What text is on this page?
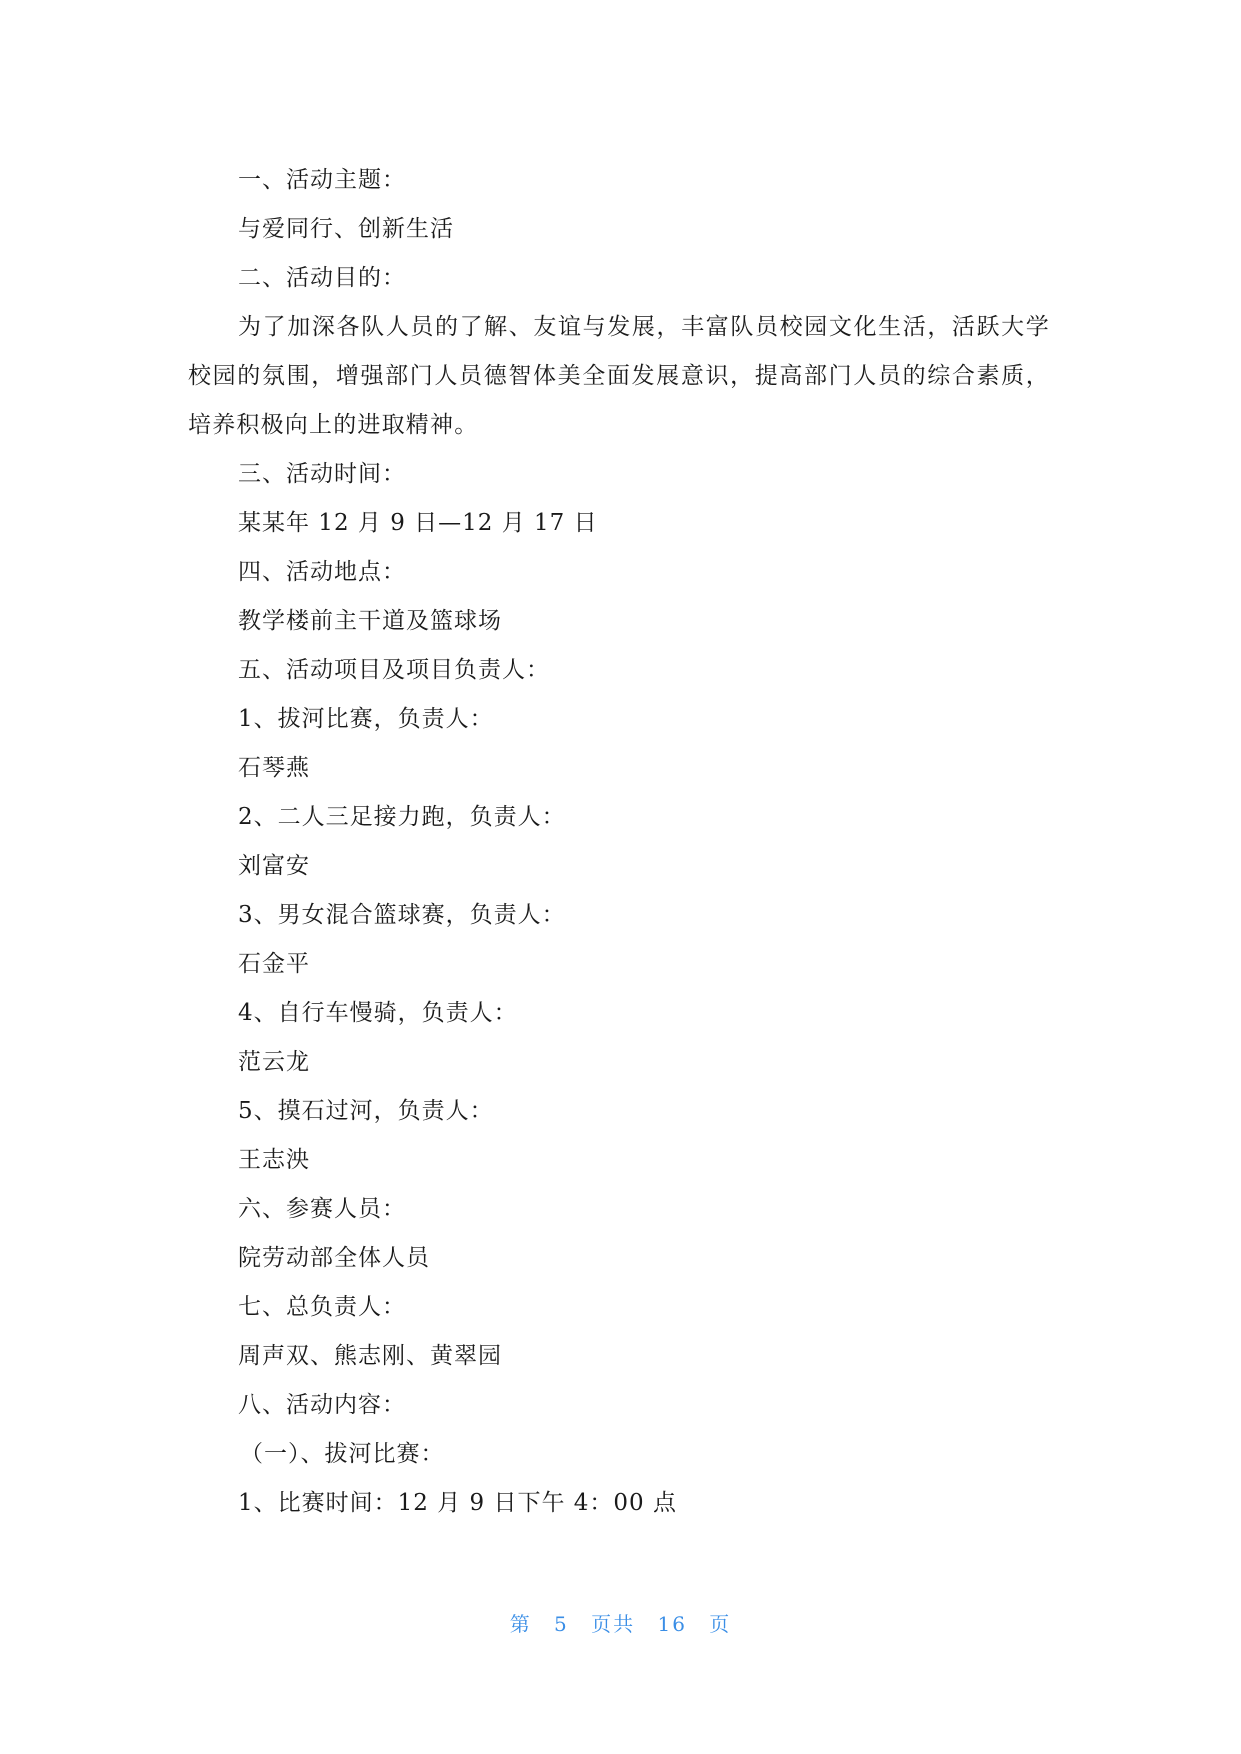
一、活动主题：
与爱同行、创新生活
二、活动目的：

为了加深各队人员的了解、友谊与发展，丰富队员校园文化生活，活跃大学校园的氛围，增强部门人员德智体美全面发展意识，提高部门人员的综合素质，培养积极向上的进取精神。

三、活动时间：
某某年 12 月 9 日—12 月 17 日
四、活动地点：
教学楼前主干道及篮球场
五、活动项目及项目负责人：
1、拔河比赛，负责人：
石琴燕
2、二人三足接力跑，负责人：
刘富安
3、男女混合篮球赛，负责人：
石金平
4、自行车慢骑，负责人：
范云龙
5、摸石过河，负责人：
王志泱
六、参赛人员：
院劳动部全体人员
七、总负责人：
周声双、熊志刚、黄翠园
八、活动内容：
（一）、拔河比赛：
1、比赛时间：12 月 9 日下午 4：00 点
第 5 页共 16 页
